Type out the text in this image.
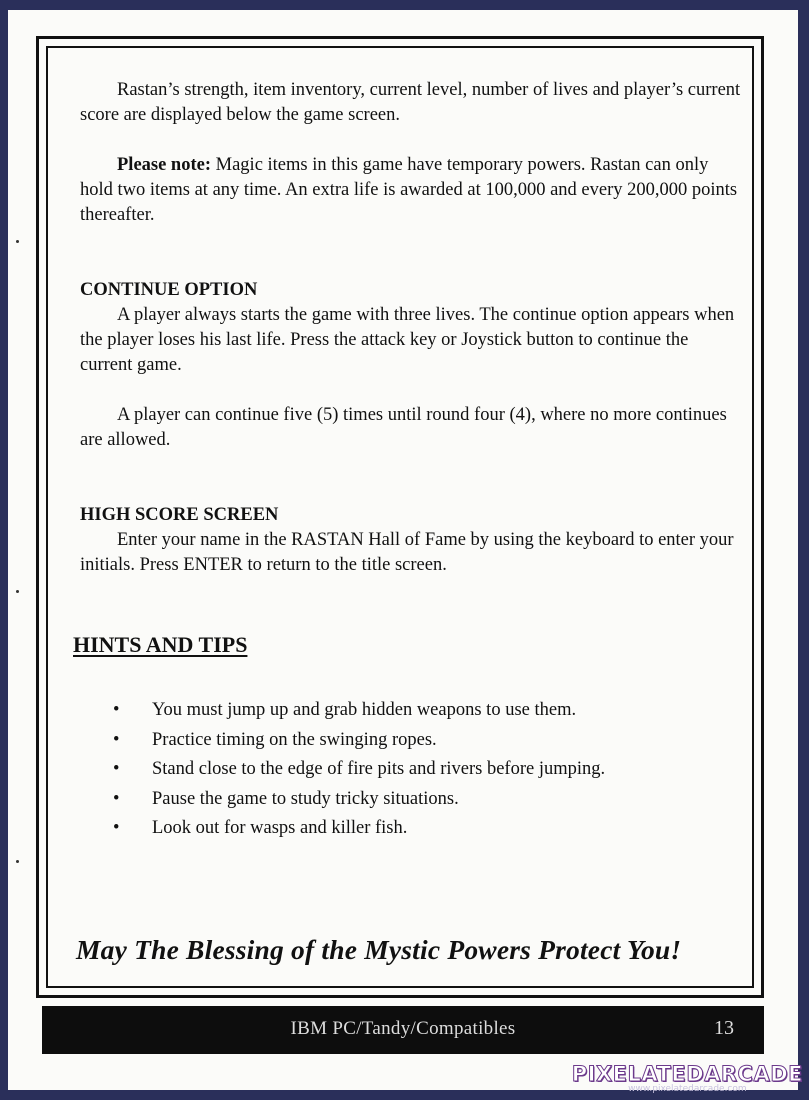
Rastan’s strength, item inventory, current level, number of lives and player’s current score are displayed below the game screen.

Please note: Magic items in this game have temporary powers. Rastan can only hold two items at any time. An extra life is awarded at 100,000 and every 200,000 points thereafter.

CONTINUE OPTION

A player always starts the game with three lives. The continue option appears when the player loses his last life. Press the attack key or Joystick button to continue the current game.

A player can continue five (5) times until round four (4), where no more continues are allowed.

HIGH SCORE SCREEN

Enter your name in the RASTAN Hall of Fame by using the keyboard to enter your initials. Press ENTER to return to the title screen.

HINTS AND TIPS
• You must jump up and grab hidden weapons to use them.
• Practice timing on the swinging ropes.
• Stand close to the edge of fire pits and rivers before jumping.
• Pause the game to study tricky situations.
• Look out for wasps and killer fish.
May The Blessing of the Mystic Powers Protect You!
IBM PC/Tandy/Compatibles	13
PIXELATEDARCADE
www.pixelatedarcade.com
